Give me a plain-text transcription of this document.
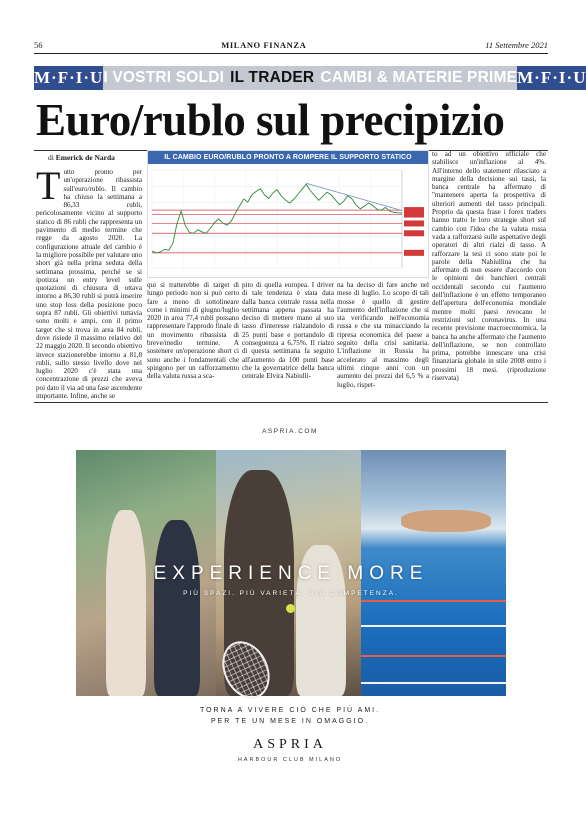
56	MILANO FINANZA	11 Settembre 2021
M·F·I·U I VOSTRI SOLDI IL TRADER CAMBI & MATERIE PRIME M·F·I·U
Euro/rublo sul precipizio
di Emerick de Narda
Tutto pronto per un'operazione ribassista sull'euro/rublo. Il cambio ha chiuso la settimana a 86,33 rubli, pericolosamente vicino al supporto statico di 86 rubli che rappresenta un pavimento di medio termine che regge da agosto 2020. La configurazione attuale del cambio è la migliore possibile per valutare uno short già nella prima seduta della settimana prossima, perché se si ipotizza un entry level sulle quotazioni di chiusura di ottava intorno a 86,30 rubli si potrà inserire uno stop loss della posizione poco sopra 87 rubli. Gli obiettivi tuttavia sono molti e ampi, con il primo target che si trova in area 84 rubli, dove risiede il massimo relativo del 22 maggio 2020. Il secondo obiettivo invece stazionerebbe intorno a 81,8 rubli, sullo stesso livello dove nel luglio 2020 c'è stata una concentrazione di prezzi che aveva poi dato il via ad una fase ascendente importante. Infine, anche se
IL CAMBIO EURO/RUBLO PRONTO A ROMPERE IL SUPPORTO STATICO
qui si tratterebbe di target di lungo periodo non si può certo fare a meno di sottolineare come i minimi di giugno/luglio 2020 in area 77,4 rubli possano rappresentare l'approdo finale di un movimento ribassista di breve/medio termine. A sostenere un'operazione short ci sono anche i fondamentali che spingono per un rafforzamento della valuta russa a sca-
pito di quella europea. I driver di tale tendenza è stata data dalla banca centrale russa nella settimana appena passata ha deciso di mettere mano al suo tasso d'interesse rialzandolo di 25 punti base e portandolo di conseguenza a 6,75%. Il rialzo di questa settimana fa seguito all'aumento da 100 punti base che la governatrice della banca centrale Elvira Nabiulli-
na ha deciso di fare anche nel mese di luglio. Lo scopo di tali mosse è quello di gestire l'aumento dell'inflazione che si sta verificando nell'economia russa e che sta minacciando la ripresa economica del paese a seguito della crisi sanitaria. L'inflazione in Russia ha accelerato al massimo degli ultimi cinque anni con un aumento dei prezzi del 6,5 % a luglio, rispet-
to ad un obiettivo ufficiale che stabilisce un'inflazione al 4%. All'interno dello statement rilasciato a margine della decisione sui tassi, la banca centrale ha affermato di "mantenere aperta la prospettiva di ulteriori aumenti del tasso principali. Proprio da questa frase i forex traders hanno tratto le loro strategie short sul cambio con l'idea che la valuta russa vada a rafforzarsi sulle aspettative degli operatori di altri rialzi di tasso. A rafforzare la tesi ci sono state poi le parole della Nabiullina che ha affermato di non essere d'accordo con le opinioni dei banchieri centrali occidentali secondo cui l'aumento dell'inflazione è un effetto temporaneo dell'apertura dell'economia mondiale mentre molti paesi revocano le restrizioni sul coronavirus. In una recente previsione macroeconomica, la banca ha anche affermato che l'aumento dell'inflazione, se non controllato prima, potrebbe innescare una crisi finanziaria globale in stile 2008 entro i prossimi 18 mesi. (riproduzione riservata)
ASPRIA.COM
EXPERIENCE MORE
PIÙ SPAZI. PIÙ VARIETÀ. PIÙ COMPETENZA.
TORNA A VIVERE CIÒ CHE PIÙ AMI.
PER TE UN MESE IN OMAGGIO.
ASPRIA
HARBOUR CLUB MILANO
